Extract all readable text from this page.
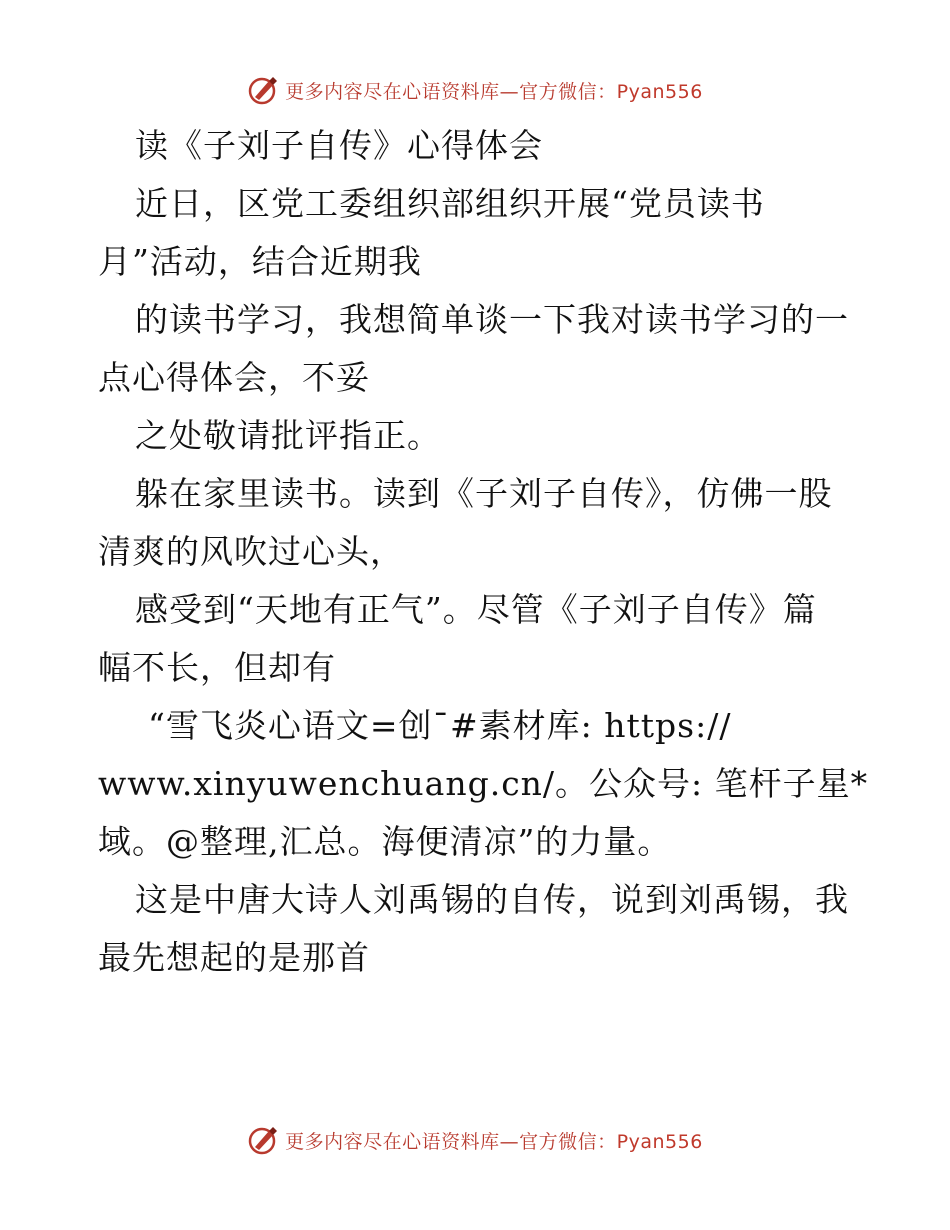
更多内容尽在心语资料库—官方微信：Pyan556
读《子刘子自传》心得体会
近日，区党工委组织部组织开展“党员读书
月”活动，结合近期我
的读书学习，我想简单谈一下我对读书学习的一
点心得体会，不妥
之处敬请批评指正。
躲在家里读书。读到《子刘子自传》，仿佛一股
清爽的风吹过心头，
感受到“天地有正气”。尽管《子刘子自传》篇
幅不长，但却有
“雪飞炎心语文=创¯#素材库: https://
www.xinyuwenchuang.cn/。公众号: 笔杆子星*
域。@整理,汇总。海便清凉”的力量。
这是中唐大诗人刘禹锡的自传，说到刘禹锡，我
最先想起的是那首
更多内容尽在心语资料库—官方微信：Pyan556
